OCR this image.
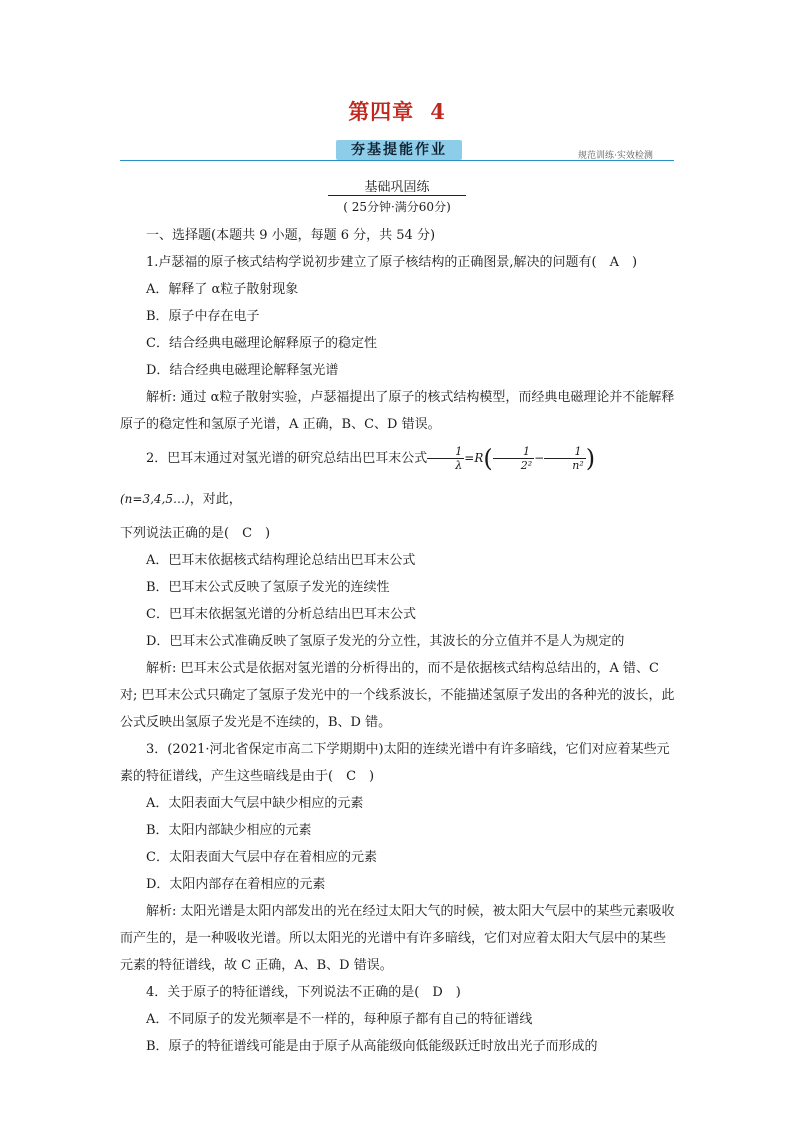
第四章 4
夯基提能作业	规范训练·实效检测
基础巩固练
( 25分钟·满分60分)

一、选择题(本题共 9 小题，每题 6 分，共 54 分)

1.卢瑟福的原子核式结构学说初步建立了原子核结构的正确图景,解决的问题有(　A　)

A．解释了 α粒子散射现象

B．原子中存在电子

C．结合经典电磁理论解释原子的稳定性

D．结合经典电磁理论解释氢光谱

解析: 通过 α粒子散射实验，卢瑟福提出了原子的核式结构模型，而经典电磁理论并不能解释原子的稳定性和氢原子光谱，A 正确，B、C、D 错误。

2．巴耳末通过对氢光谱的研究总结出巴耳末公式 $\frac{1}{\lambda} =R( \frac{1}{\text{2²}} - \frac{1}{\text{n²}}$ )(n=3,4,5…)，对此，

下列说法正确的是(　C　)

A．巴耳末依据核式结构理论总结出巴耳末公式

B．巴耳末公式反映了氢原子发光的连续性

C．巴耳末依据氢光谱的分析总结出巴耳末公式

D．巴耳末公式准确反映了氢原子发光的分立性，其波长的分立值并不是人为规定的

解析: 巴耳末公式是依据对氢光谱的分析得出的，而不是依据核式结构总结出的，A 错、C 对; 巴耳末公式只确定了氢原子发光中的一个线系波长，不能描述氢原子发出的各种光的波长，此公式反映出氢原子发光是不连续的，B、D 错。

3．(2021·河北省保定市高二下学期期中)太阳的连续光谱中有许多暗线，它们对应着某些元素的特征谱线，产生这些暗线是由于(　C　)

A．太阳表面大气层中缺少相应的元素

B．太阳内部缺少相应的元素

C．太阳表面大气层中存在着相应的元素

D．太阳内部存在着相应的元素

解析: 太阳光谱是太阳内部发出的光在经过太阳大气的时候，被太阳大气层中的某些元素吸收而产生的，是一种吸收光谱。所以太阳光的光谱中有许多暗线，它们对应着太阳大气层中的某些元素的特征谱线，故 C 正确，A、B、D 错误。

4．关于原子的特征谱线，下列说法不正确的是(　D　)

A．不同原子的发光频率是不一样的，每种原子都有自己的特征谱线

B．原子的特征谱线可能是由于原子从高能级向低能级跃迁时放出光子而形成的
